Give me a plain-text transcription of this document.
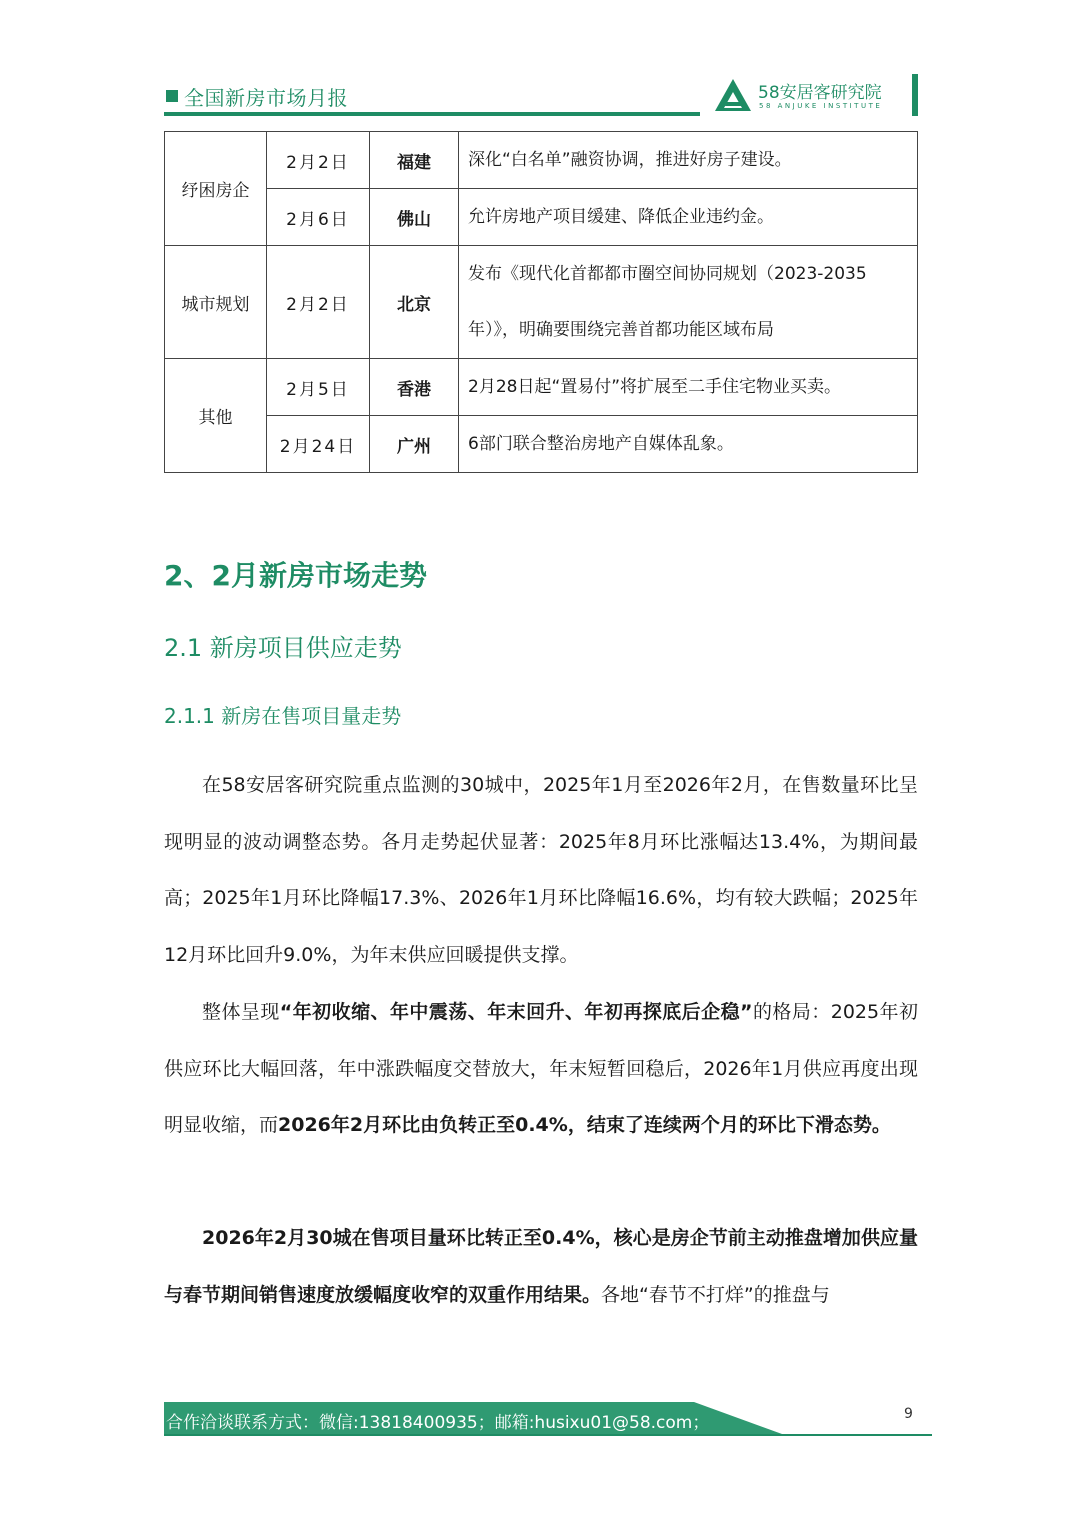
全国新房市场月报	58安居客研究院
58 ANJUKE INSTITUTE
纾困房企	2月2日	福建	深化“白名单”融资协调，推进好房子建设。
	2月6日	佛山	允许房地产项目缓建、降低企业违约金。
城市规划	2月2日	北京	发布《现代化首都都市圈空间协同规划（2023-2035
年）》，明确要围绕完善首都功能区域布局

其他	2月5日	香港	2月28日起“置易付”将扩展至二手住宅物业买卖。
	2月24日	广州	6部门联合整治房地产自媒体乱象。
2、2月新房市场走势
2.1 新房项目供应走势
2.1.1 新房在售项目量走势

在58安居客研究院重点监测的30城中，2025年1月至2026年2月，在售数量环比呈现明显的波动调整态势。各月走势起伏显著：2025年8月环比涨幅达13.4%，为期间最高；2025年1月环比降幅17.3%、2026年1月环比降幅16.6%，均有较大跌幅；2025年12月环比回升9.0%，为年末供应回暖提供支撑。

整体呈现“年初收缩、年中震荡、年末回升、年初再探底后企稳”的格局：2025年初供应环比大幅回落，年中涨跌幅度交替放大，年末短暂回稳后，2026年1月供应再度出现明显收缩，而2026年2月环比由负转正至0.4%，结束了连续两个月的环比下滑态势。

2026年2月30城在售项目量环比转正至0.4%，核心是房企节前主动推盘增加供应量与春节期间销售速度放缓幅度收窄的双重作用结果。各地“春节不打烊”的推盘与

合作洽谈联系方式：微信:13818400935；邮箱:husixu01@58.com；	9
